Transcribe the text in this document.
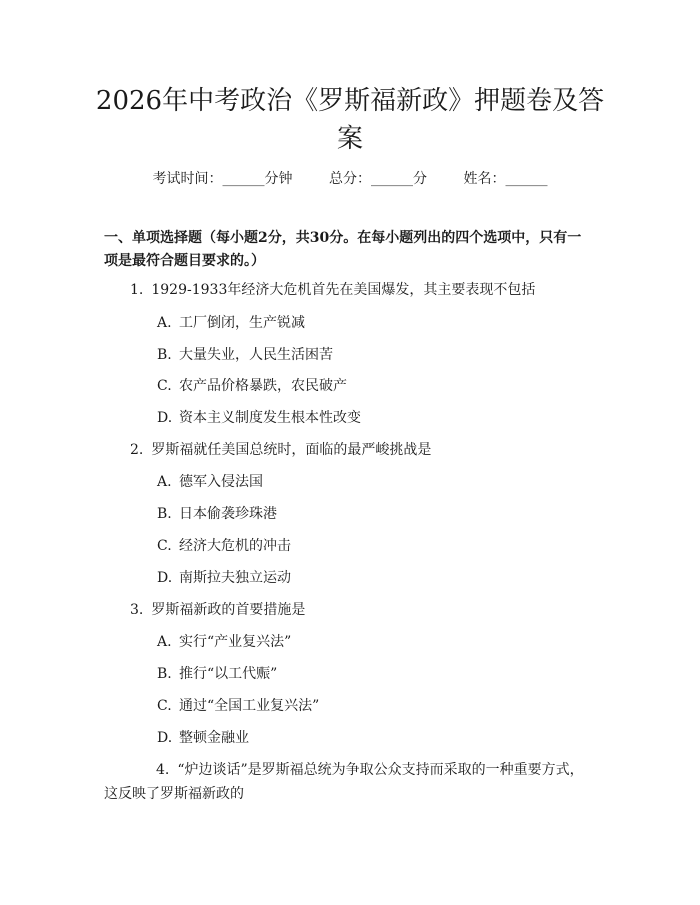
2026年中考政治《罗斯福新政》押题卷及答案
考试时间：______分钟	总分：______分	姓名：______

一、单项选择题（每小题2分，共30分。在每小题列出的四个选项中，只有一项是最符合题目要求的。）

1. 1929-1933年经济大危机首先在美国爆发，其主要表现不包括
A. 工厂倒闭，生产锐减
B. 大量失业，人民生活困苦
C. 农产品价格暴跌，农民破产
D. 资本主义制度发生根本性改变
2. 罗斯福就任美国总统时，面临的最严峻挑战是
A. 德军入侵法国
B. 日本偷袭珍珠港
C. 经济大危机的冲击
D. 南斯拉夫独立运动
3. 罗斯福新政的首要措施是
A. 实行“产业复兴法”
B. 推行“以工代赈”
C. 通过“全国工业复兴法”
D. 整顿金融业
4. “炉边谈话”是罗斯福总统为争取公众支持而采取的一种重要方式，这反映了罗斯福新政的
